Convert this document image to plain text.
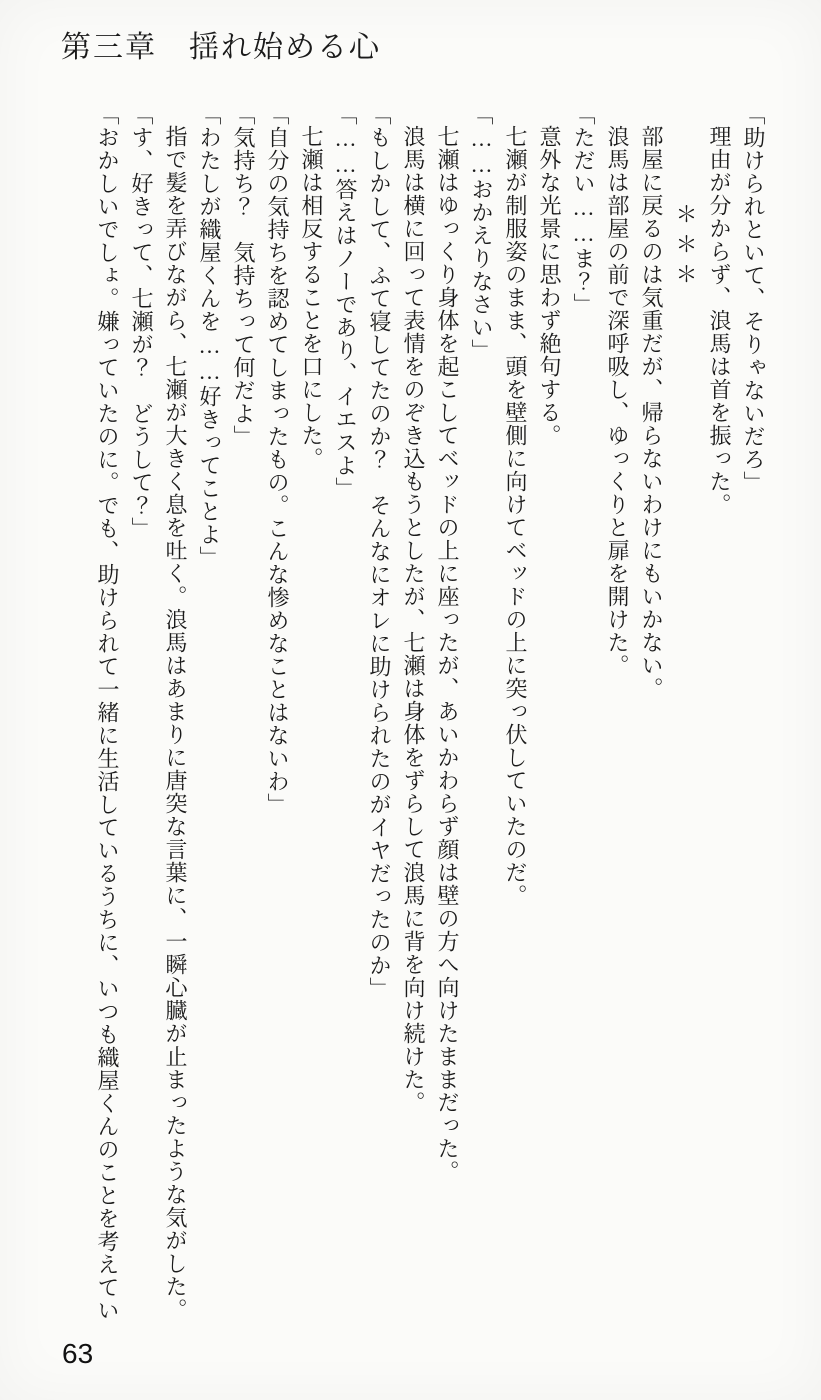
第三章　揺れ始める心

「助けられといて、そりゃないだろ」

理由が分からず、浪馬は首を振った。

＊＊＊

部屋に戻るのは気重だが、帰らないわけにもいかない。

浪馬は部屋の前で深呼吸し、ゆっくりと扉を開けた。

「ただい……ま？」

意外な光景に思わず絶句する。

七瀬が制服姿のまま、頭を壁側に向けてベッドの上に突っ伏していたのだ。

「……おかえりなさい」

七瀬はゆっくり身体を起こしてベッドの上に座ったが、あいかわらず顔は壁の方へ向けたままだった。

浪馬は横に回って表情をのぞき込もうとしたが、七瀬は身体をずらして浪馬に背を向け続けた。

「もしかして、ふて寝してたのか？　そんなにオレに助けられたのがイヤだったのか」

「……答えはノーであり、イエスよ」

七瀬は相反することを口にした。

「自分の気持ちを認めてしまったもの。こんな惨めなことはないわ」

「気持ち？　気持ちって何だよ」

「わたしが織屋くんを……好きってことよ」

指で髪を弄びながら、七瀬が大きく息を吐く。浪馬はあまりに唐突な言葉に、一瞬心臓が止まったような気がした。

「す、好きって、七瀬が？　どうして？」

「おかしいでしょ。嫌っていたのに。でも、助けられて一緒に生活しているうちに、いつも織屋くんのことを考えてい

63
